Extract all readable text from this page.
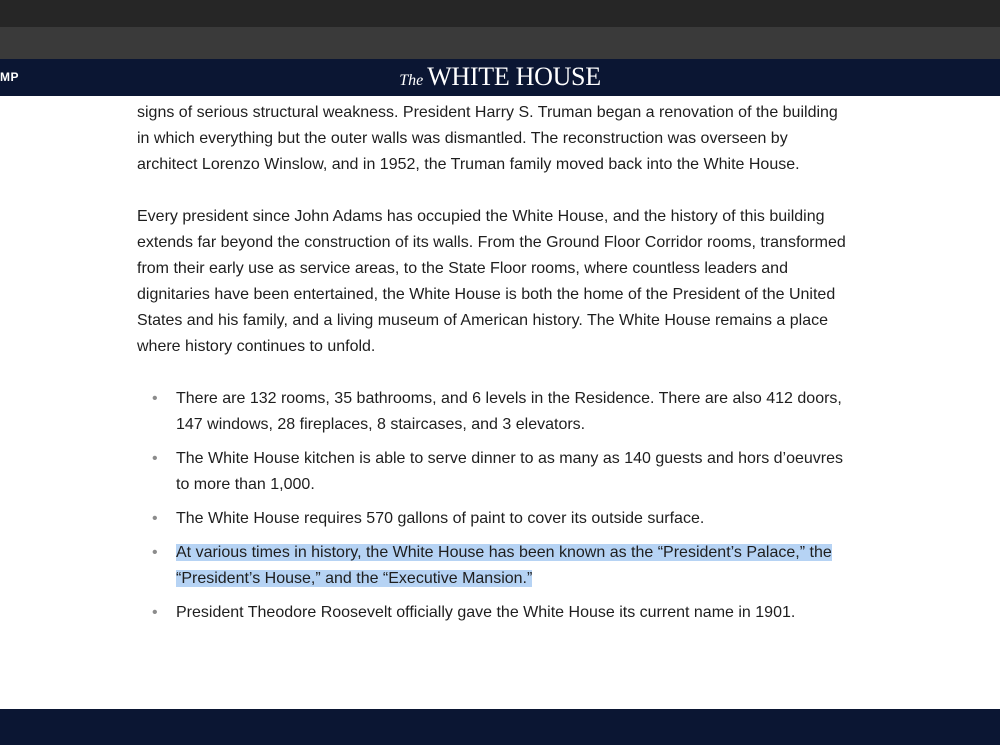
MP	The WHITE HOUSE

signs of serious structural weakness. President Harry S. Truman began a renovation of the building in which everything but the outer walls was dismantled. The reconstruction was overseen by architect Lorenzo Winslow, and in 1952, the Truman family moved back into the White House.

Every president since John Adams has occupied the White House, and the history of this building extends far beyond the construction of its walls. From the Ground Floor Corridor rooms, transformed from their early use as service areas, to the State Floor rooms, where countless leaders and dignitaries have been entertained, the White House is both the home of the President of the United States and his family, and a living museum of American history. The White House remains a place where history continues to unfold.

• There are 132 rooms, 35 bathrooms, and 6 levels in the Residence. There are also 412 doors, 147 windows, 28 fireplaces, 8 staircases, and 3 elevators.
• The White House kitchen is able to serve dinner to as many as 140 guests and hors d’oeuvres to more than 1,000.
• The White House requires 570 gallons of paint to cover its outside surface.
• At various times in history, the White House has been known as the “President’s Palace,” the “President’s House,” and the “Executive Mansion.”
• President Theodore Roosevelt officially gave the White House its current name in 1901.
